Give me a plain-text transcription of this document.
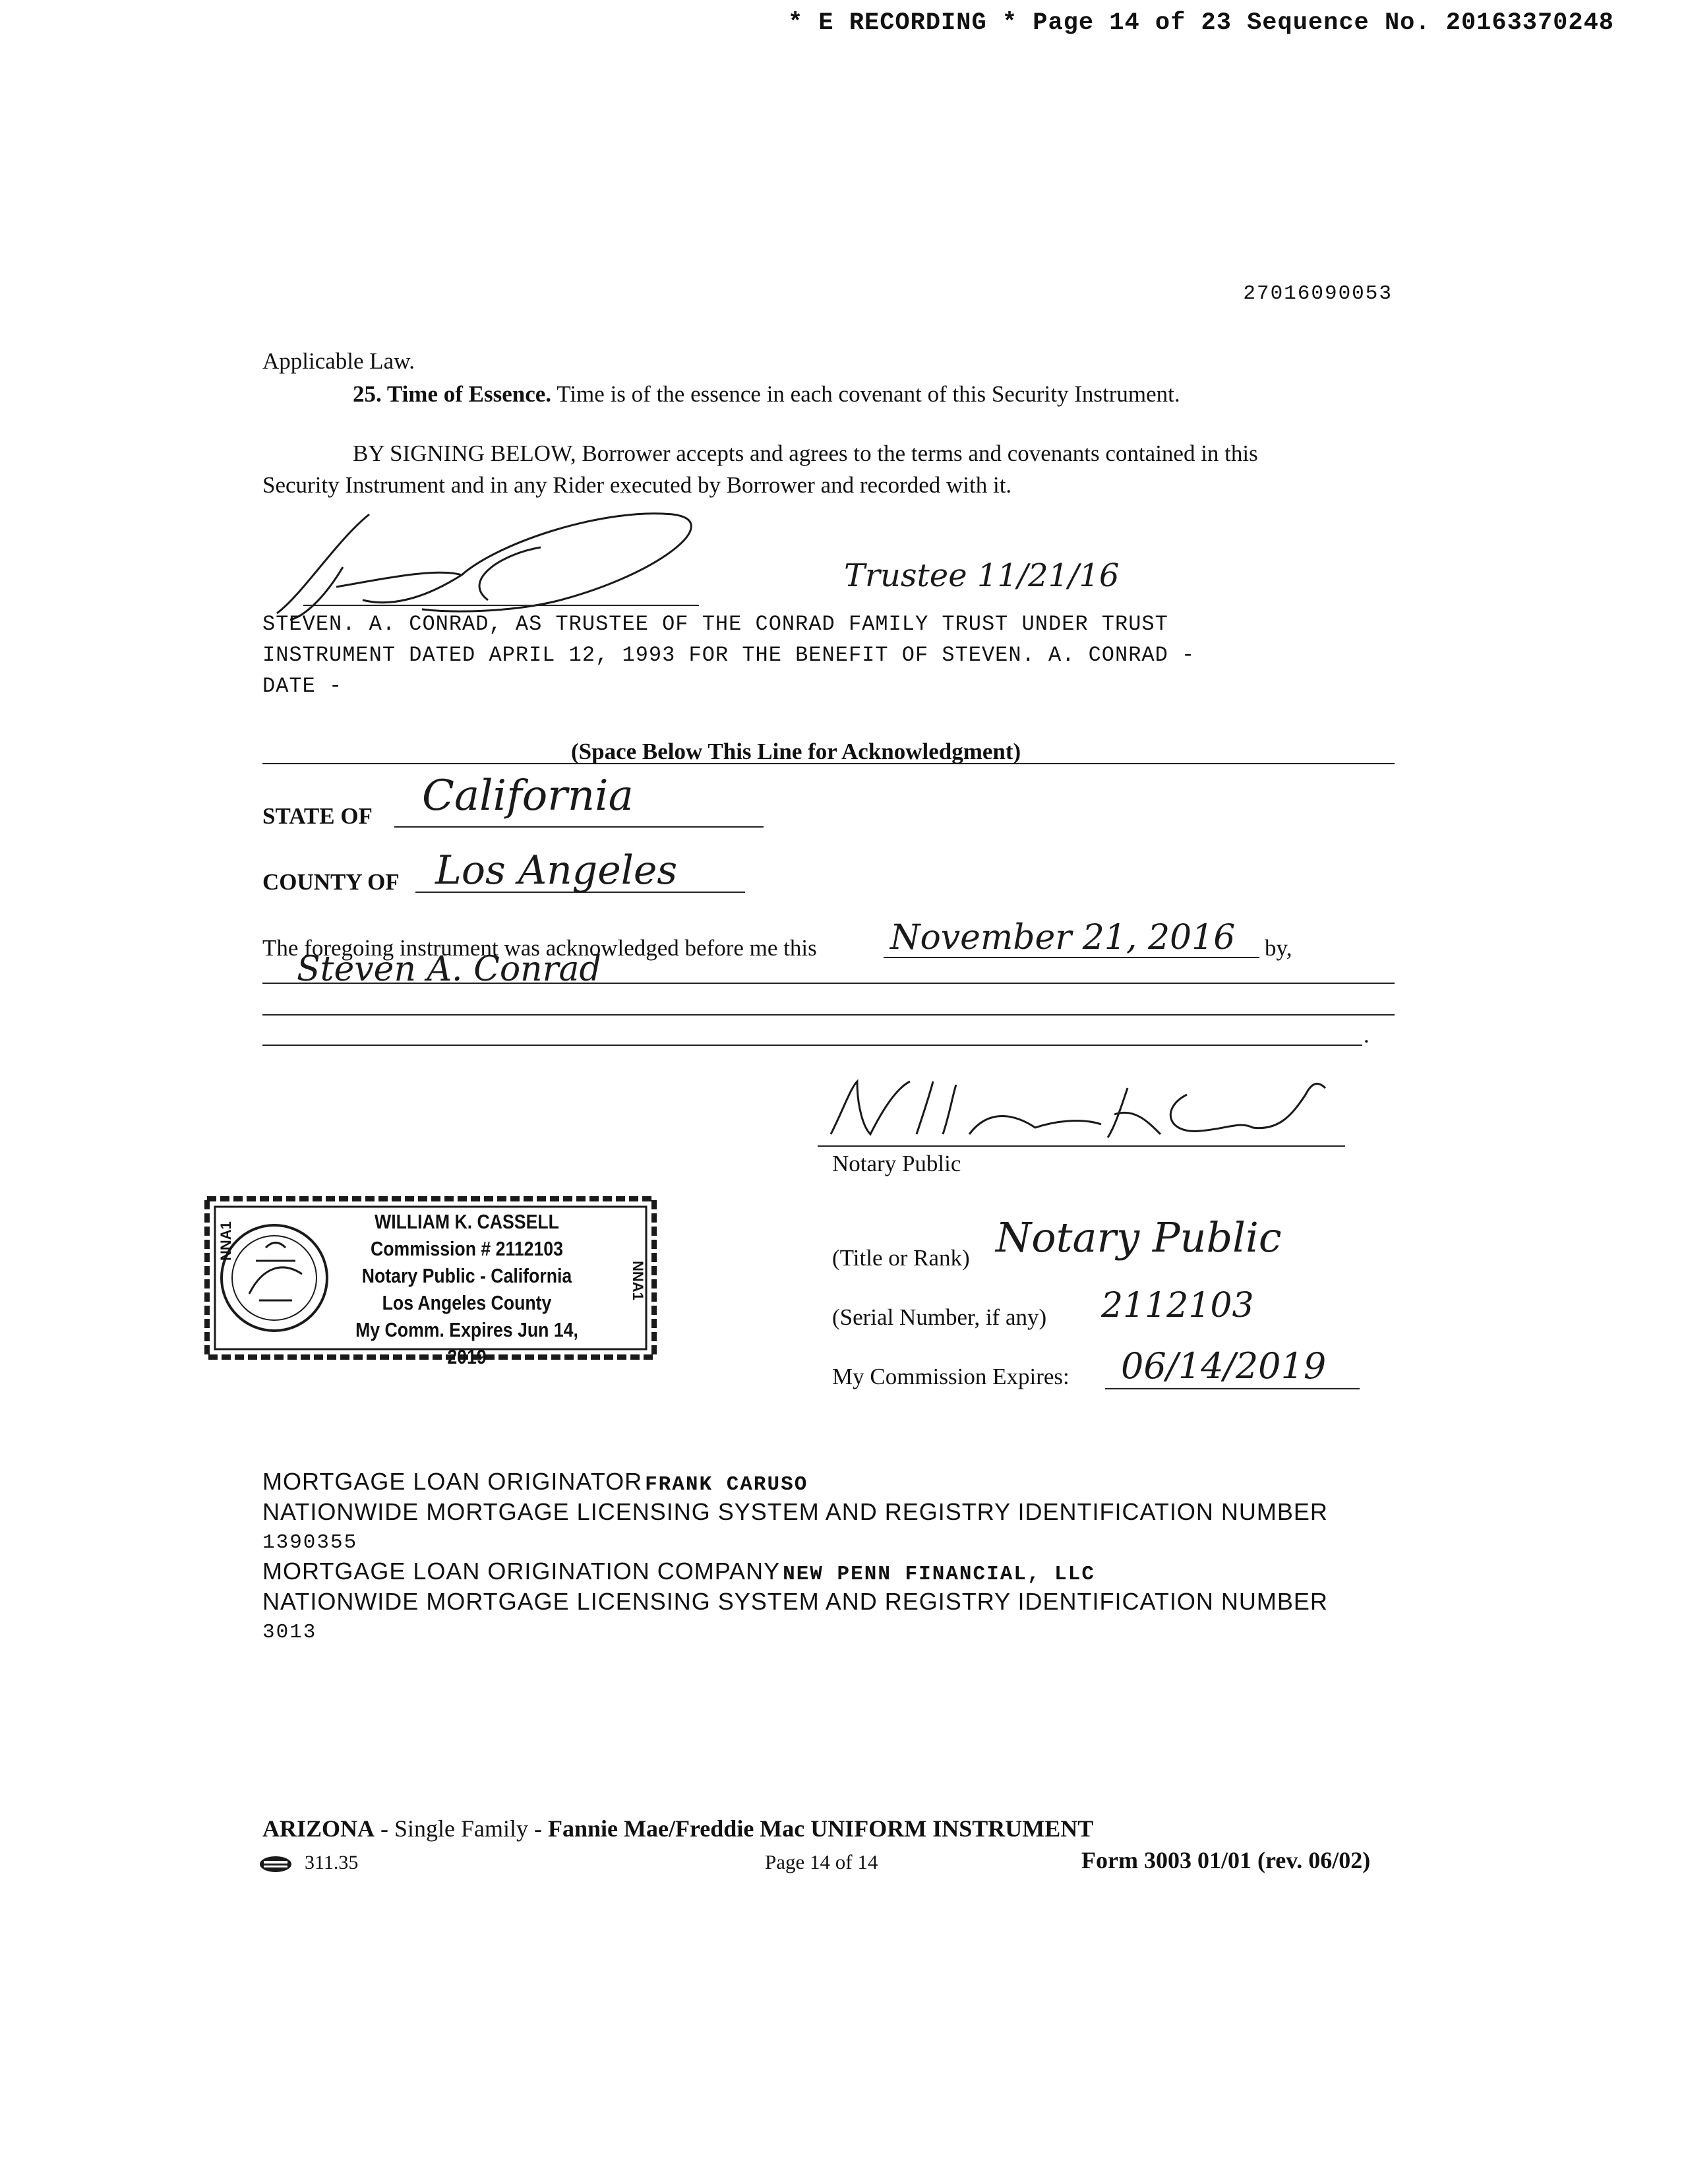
* E RECORDING * Page 14 of 23 Sequence No. 20163370248
27016090053
Applicable Law.
25. Time of Essence. Time is of the essence in each covenant of this Security Instrument.
BY SIGNING BELOW, Borrower accepts and agrees to the terms and covenants contained in this
Security Instrument and in any Rider executed by Borrower and recorded with it.
Trustee 11/21/16
STEVEN. A. CONRAD, AS TRUSTEE OF THE CONRAD FAMILY TRUST UNDER TRUST
INSTRUMENT DATED APRIL 12, 1993 FOR THE BENEFIT OF STEVEN. A. CONRAD -
DATE -
(Space Below This Line for Acknowledgment)
STATE OF California
COUNTY OF Los Angeles
The foregoing instrument was acknowledged before me this November 21, 2016 by,
Steven A. Conrad
.
Notary Public
NNA1
NNA1
WILLIAM K. CASSELL
Commission # 2112103
Notary Public - California
Los Angeles County
My Comm. Expires Jun 14, 2019
(Title or Rank) Notary Public
(Serial Number, if any) 2112103
My Commission Expires: 06/14/2019
MORTGAGE LOAN ORIGINATOR FRANK CARUSO
NATIONWIDE MORTGAGE LICENSING SYSTEM AND REGISTRY IDENTIFICATION NUMBER
1390355
MORTGAGE LOAN ORIGINATION COMPANY NEW PENN FINANCIAL, LLC
NATIONWIDE MORTGAGE LICENSING SYSTEM AND REGISTRY IDENTIFICATION NUMBER
3013
ARIZONA - Single Family - Fannie Mae/Freddie Mac UNIFORM INSTRUMENT
311.35	Page 14 of 14	Form 3003 01/01 (rev. 06/02)
